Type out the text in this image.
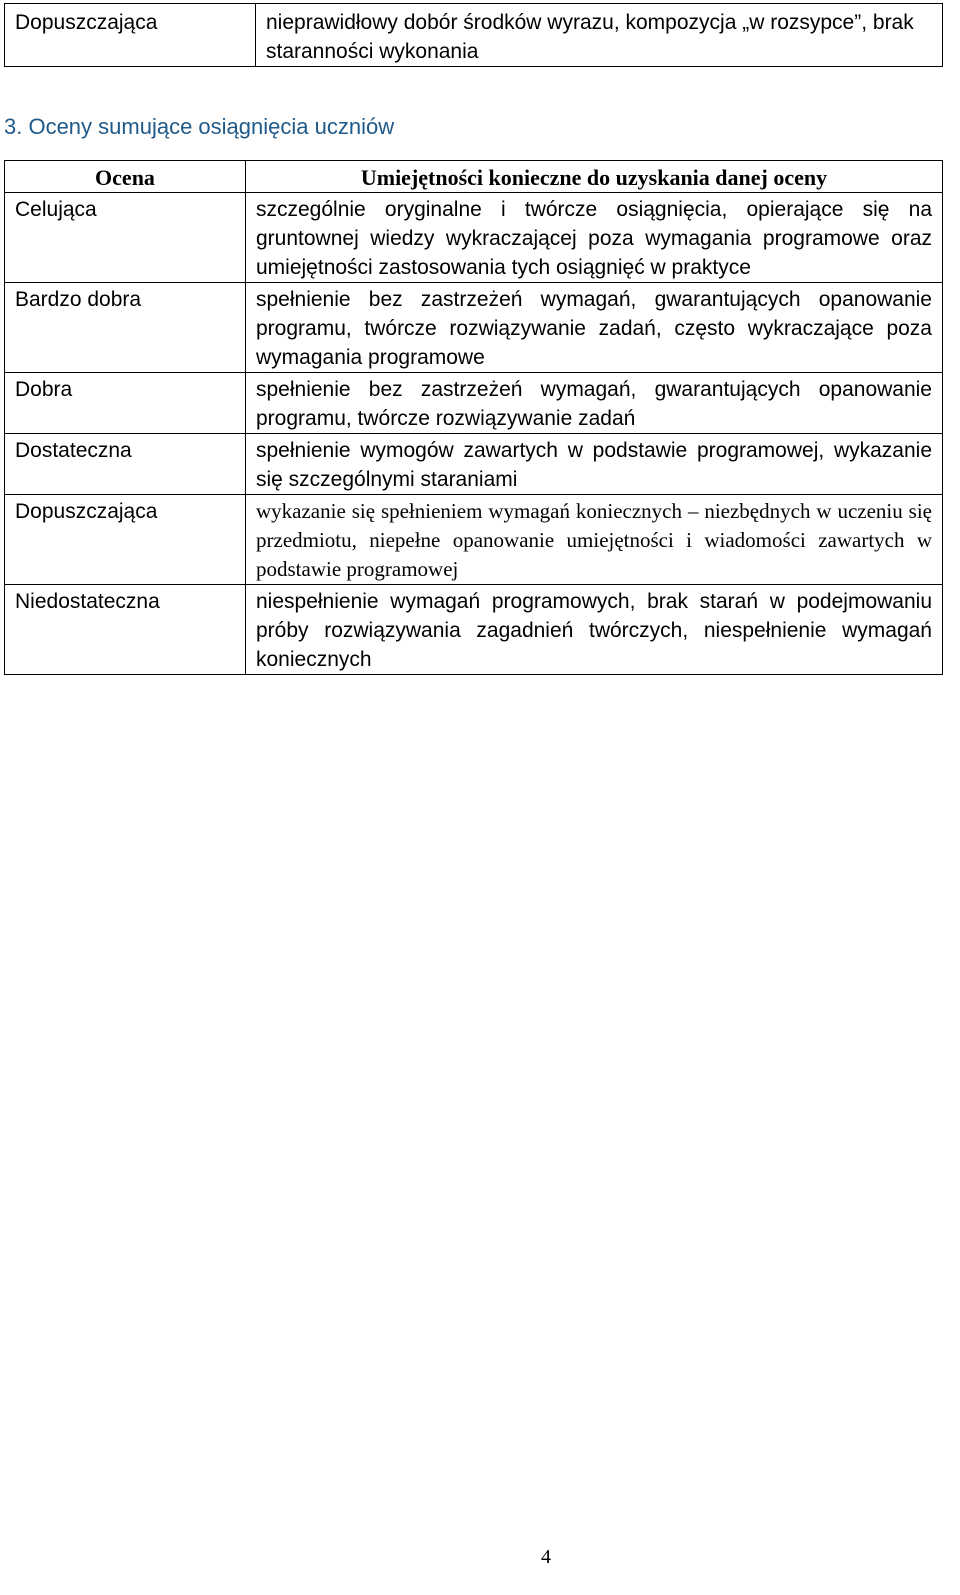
Dopuszczająca	nieprawidłowy dobór środków wyrazu, kompozycja „w rozsypce”, brak staranności wykonania
3. Oceny sumujące osiągnięcia uczniów
Ocena	Umiejętności konieczne do uzyskania danej oceny
Celująca	szczególnie oryginalne i twórcze osiągnięcia, opierające się na gruntownej wiedzy wykraczającej poza wymagania programowe oraz umiejętności zastosowania tych osiągnięć w praktyce
Bardzo dobra	spełnienie bez zastrzeżeń wymagań, gwarantujących opanowanie programu, twórcze rozwiązywanie zadań, często wykraczające poza wymagania programowe
Dobra	spełnienie bez zastrzeżeń wymagań, gwarantujących opanowanie programu, twórcze rozwiązywanie zadań
Dostateczna	spełnienie wymogów zawartych w podstawie programowej, wykazanie się szczególnymi staraniami
Dopuszczająca	wykazanie się spełnieniem wymagań koniecznych – niezbędnych w uczeniu się przedmiotu, niepełne opanowanie umiejętności i wiadomości zawartych w podstawie programowej
Niedostateczna	niespełnienie wymagań programowych, brak starań w podejmowaniu próby rozwiązywania zagadnień twórczych, niespełnienie wymagań koniecznych
4
